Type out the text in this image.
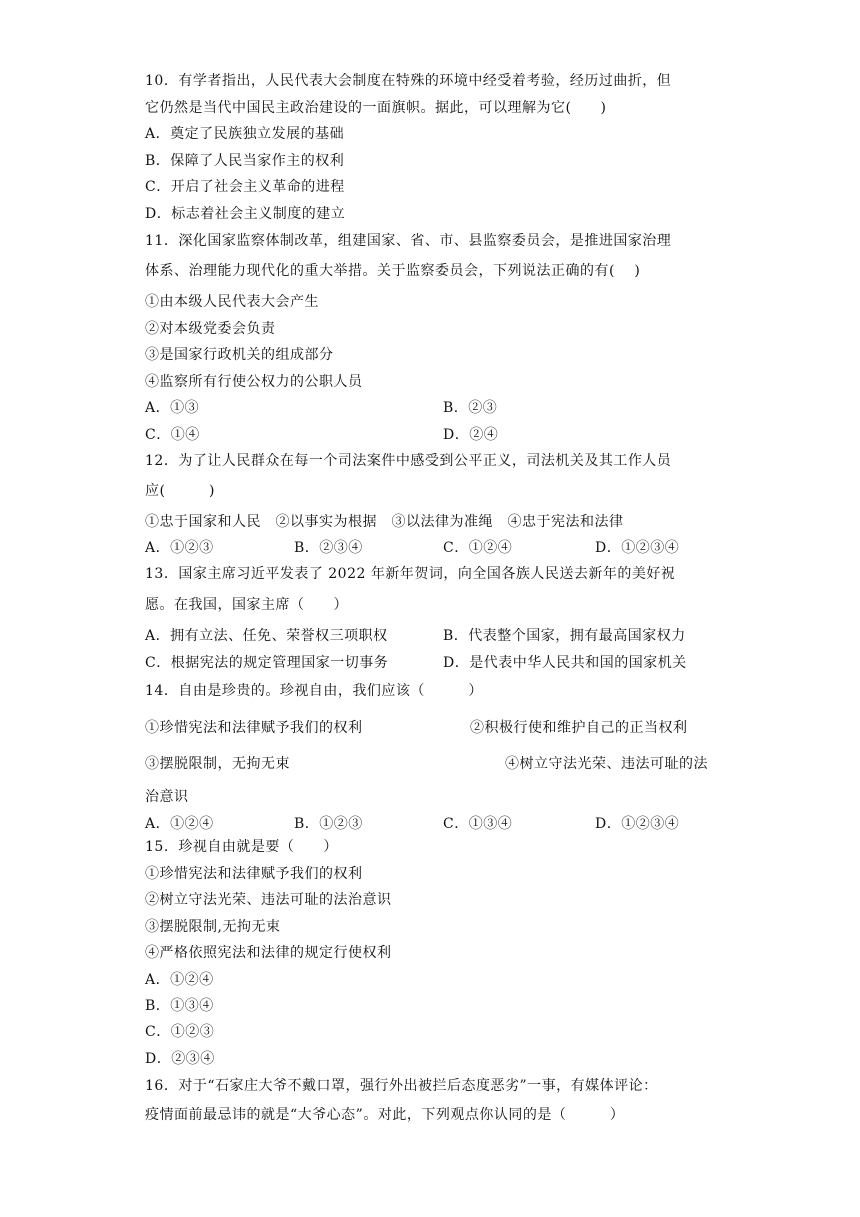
10．有学者指出，人民代表大会制度在特殊的环境中经受着考验，经历过曲折，但
它仍然是当代中国民主政治建设的一面旗帜。据此，可以理解为它(　　)
A．奠定了民族独立发展的基础
B．保障了人民当家作主的权利
C．开启了社会主义革命的进程
D．标志着社会主义制度的建立
11．深化国家监察体制改革，组建国家、省、市、县监察委员会，是推进国家治理
体系、治理能力现代化的重大举措。关于监察委员会，下列说法正确的有(　 )
①由本级人民代表大会产生
②对本级党委会负责
③是国家行政机关的组成部分
④监察所有行使公权力的公职人员
A．①③	B．②③
C．①④	D．②④
12．为了让人民群众在每一个司法案件中感受到公平正义，司法机关及其工作人员
应(　　　)
①忠于国家和人民　②以事实为根据　③以法律为准绳　④忠于宪法和法律
A．①②③	B．②③④	C．①②④	D．①②③④
13．国家主席习近平发表了 2022 年新年贺词，向全国各族人民送去新年的美好祝
愿。在我国，国家主席（　　）
A．拥有立法、任免、荣誉权三项职权	B．代表整个国家，拥有最高国家权力
C．根据宪法的规定管理国家一切事务	D．是代表中华人民共和国的国家机关
14．自由是珍贵的。珍视自由，我们应该（　　　）
①珍惜宪法和法律赋予我们的权利	②积极行使和维护自己的正当权利
③摆脱限制，无拘无束	④树立守法光荣、违法可耻的法
治意识
A．①②④	B．①②③	C．①③④	D．①②③④
15．珍视自由就是要（　　）
①珍惜宪法和法律赋予我们的权利
②树立守法光荣、违法可耻的法治意识
③摆脱限制,无拘无束
④严格依照宪法和法律的规定行使权利
A．①②④
B．①③④
C．①②③
D．②③④
16．对于“石家庄大爷不戴口罩，强行外出被拦后态度恶劣”一事，有媒体评论：
疫情面前最忌讳的就是“大爷心态”。对此，下列观点你认同的是（　　　）
